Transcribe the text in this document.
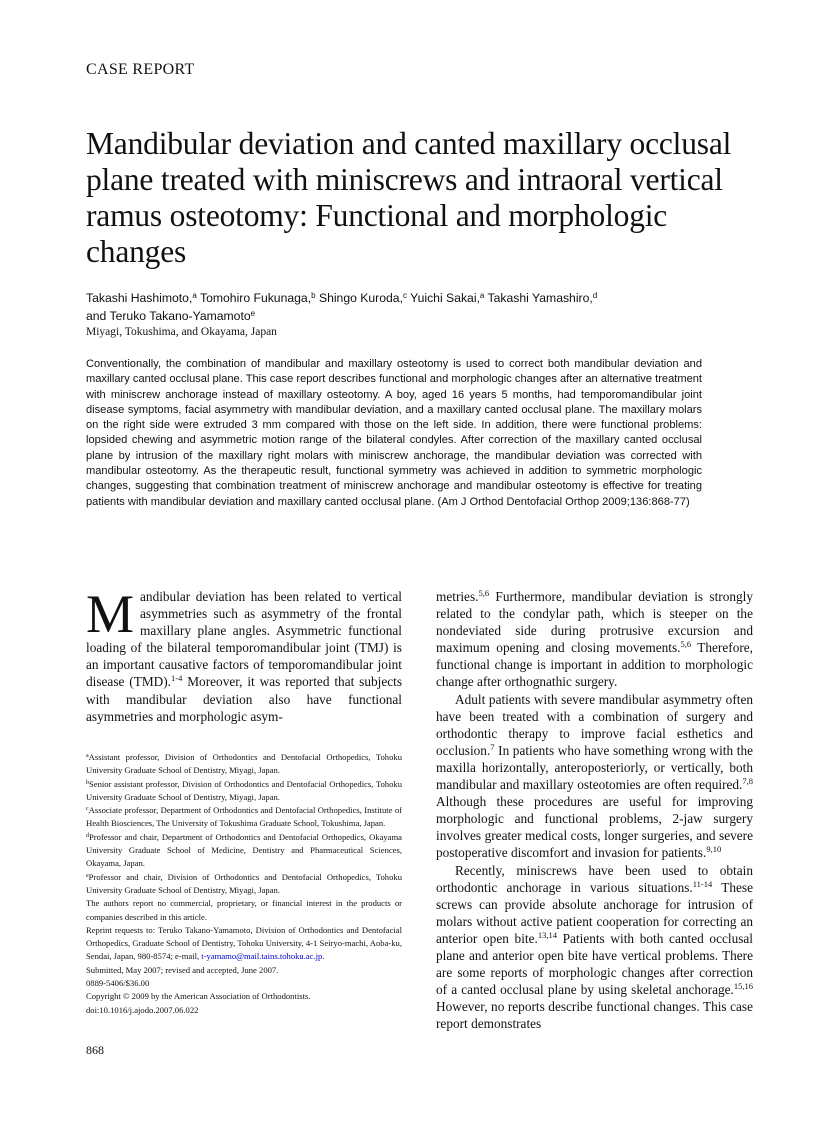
CASE REPORT
Mandibular deviation and canted maxillary occlusal plane treated with miniscrews and intraoral vertical ramus osteotomy: Functional and morphologic changes
Takashi Hashimoto,$^a$ Tomohiro Fukunaga,$^b$ Shingo Kuroda,$^c$ Yuichi Sakai,$^a$ Takashi Yamashiro,$^d$
and Teruko Takano-Yamamoto$^e$
Miyagi, Tokushima, and Okayama, Japan

Conventionally, the combination of mandibular and maxillary osteotomy is used to correct both mandibular deviation and maxillary canted occlusal plane. This case report describes functional and morphologic changes after an alternative treatment with miniscrew anchorage instead of maxillary osteotomy. A boy, aged 16 years 5 months, had temporomandibular joint disease symptoms, facial asymmetry with mandibular deviation, and a maxillary canted occlusal plane. The maxillary molars on the right side were extruded 3 mm compared with those on the left side. In addition, there were functional problems: lopsided chewing and asymmetric motion range of the bilateral condyles. After correction of the maxillary canted occlusal plane by intrusion of the maxillary right molars with miniscrew anchorage, the mandibular deviation was corrected with mandibular osteotomy. As the therapeutic result, functional symmetry was achieved in addition to symmetric morphologic changes, suggesting that combination treatment of miniscrew anchorage and mandibular osteotomy is effective for treating patients with mandibular deviation and maxillary canted occlusal plane. (Am J Orthod Dentofacial Orthop 2009;136:868-77)

Mandibular deviation has been related to vertical asymmetries such as asymmetry of the frontal maxillary plane angles. Asymmetric functional loading of the bilateral temporomandibular joint (TMJ) is an important causative factors of temporomandibular joint disease (TMD).$^{1-4}$ Moreover, it was reported that subjects with mandibular deviation also have functional asymmetries and morphologic asym-

$^a$Assistant professor, Division of Orthodontics and Dentofacial Orthopedics, Tohoku University Graduate School of Dentistry, Miyagi, Japan.

$^b$Senior assistant professor, Division of Orthodontics and Dentofacial Orthopedics, Tohoku University Graduate School of Dentistry, Miyagi, Japan.

$^c$Associate professor, Department of Orthodontics and Dentofacial Orthopedics, Institute of Health Biosciences, The University of Tokushima Graduate School, Tokushima, Japan.

$^d$Professor and chair, Department of Orthodontics and Dentofacial Orthopedics, Okayama University Graduate School of Medicine, Dentistry and Pharmaceutical Sciences, Okayama, Japan.

$^e$Professor and chair, Division of Orthodontics and Dentofacial Orthopedics, Tohoku University Graduate School of Dentistry, Miyagi, Japan.

The authors report no commercial, proprietary, or financial interest in the products or companies described in this article.

Reprint requests to: Teruko Takano-Yamamoto, Division of Orthodontics and Dentofacial Orthopedics, Graduate School of Dentistry, Tohoku University, 4-1 Seiryo-machi, Aoba-ku, Sendai, Japan, 980-8574; e-mail, t-yamamo@mail.tains.tohoku.ac.jp.

Submitted, May 2007; revised and accepted, June 2007.

0889-5406/$36.00

Copyright © 2009 by the American Association of Orthodontists.

doi:10.1016/j.ajodo.2007.06.022

metries.$^{5,6}$ Furthermore, mandibular deviation is strongly related to the condylar path, which is steeper on the nondeviated side during protrusive excursion and maximum opening and closing movements.$^{5,6}$ Therefore, functional change is important in addition to morphologic change after orthognathic surgery.

Adult patients with severe mandibular asymmetry often have been treated with a combination of surgery and orthodontic therapy to improve facial esthetics and occlusion.$^7$ In patients who have something wrong with the maxilla horizontally, anteroposteriorly, or vertically, both mandibular and maxillary osteotomies are often required.$^{7,8}$ Although these procedures are useful for improving morphologic and functional problems, 2-jaw surgery involves greater medical costs, longer surgeries, and severe postoperative discomfort and invasion for patients.$^{9,10}$

Recently, miniscrews have been used to obtain orthodontic anchorage in various situations.$^{11-14}$ These screws can provide absolute anchorage for intrusion of molars without active patient cooperation for correcting an anterior open bite.$^{13,14}$ Patients with both canted occlusal plane and anterior open bite have vertical problems. There are some reports of morphologic changes after correction of a canted occlusal plane by using skeletal anchorage.$^{15,16}$ However, no reports describe functional changes. This case report demonstrates

868
